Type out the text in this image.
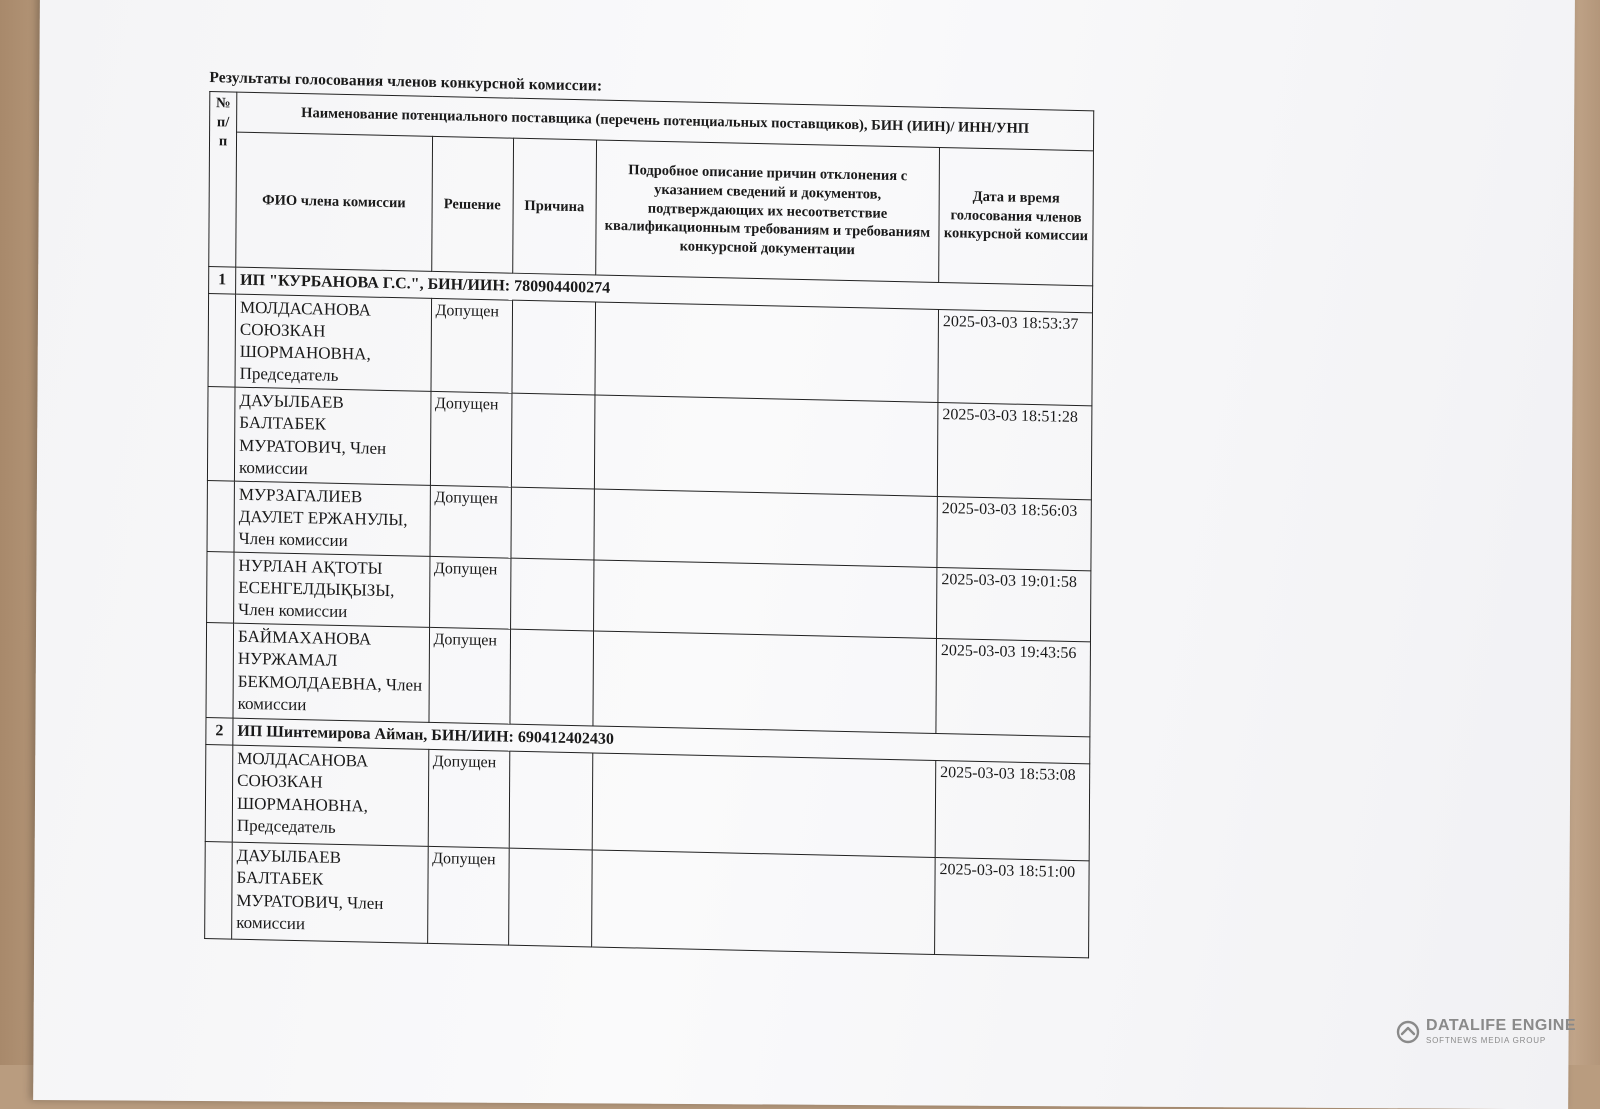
Результаты голосования членов конкурсной комиссии:
№ п/п	Наименование потенциального поставщика (перечень потенциальных поставщиков), БИН (ИИН)/ ИНН/УНП				
	ФИО члена комиссии	Решение	Причина	Подробное описание причин отклонения с указанием сведений и документов, подтверждающих их несоответствие квалификационным требованиям и требованиям конкурсной документации	Дата и время голосования членов конкурсной комиссии
1	ИП "КУРБАНОВА Г.С.", БИН/ИИН: 780904400274				
	МОЛДАСАНОВА СОЮЗКАН ШОРМАНОВНА, Председатель	Допущен			2025-03-03 18:53:37
	ДАУЫЛБАЕВ БАЛТАБЕК МУРАТОВИЧ, Член комиссии	Допущен			2025-03-03 18:51:28
	МУРЗАГАЛИЕВ ДАУЛЕТ ЕРЖАНУЛЫ, Член комиссии	Допущен			2025-03-03 18:56:03
	НУРЛАН АҚТОТЫ ЕСЕНГЕЛДЫҚЫЗЫ, Член комиссии	Допущен			2025-03-03 19:01:58
	БАЙМАХАНОВА НУРЖАМАЛ БЕКМОЛДАЕВНА, Член комиссии	Допущен			2025-03-03 19:43:56
2	ИП Шинтемирова Айман, БИН/ИИН: 690412402430				
	МОЛДАСАНОВА СОЮЗКАН ШОРМАНОВНА, Председатель	Допущен			2025-03-03 18:53:08
	ДАУЫЛБАЕВ БАЛТАБЕК МУРАТОВИЧ, Член комиссии	Допущен			2025-03-03 18:51:00
DATALIFE ENGINE
SOFTNEWS MEDIA GROUP
